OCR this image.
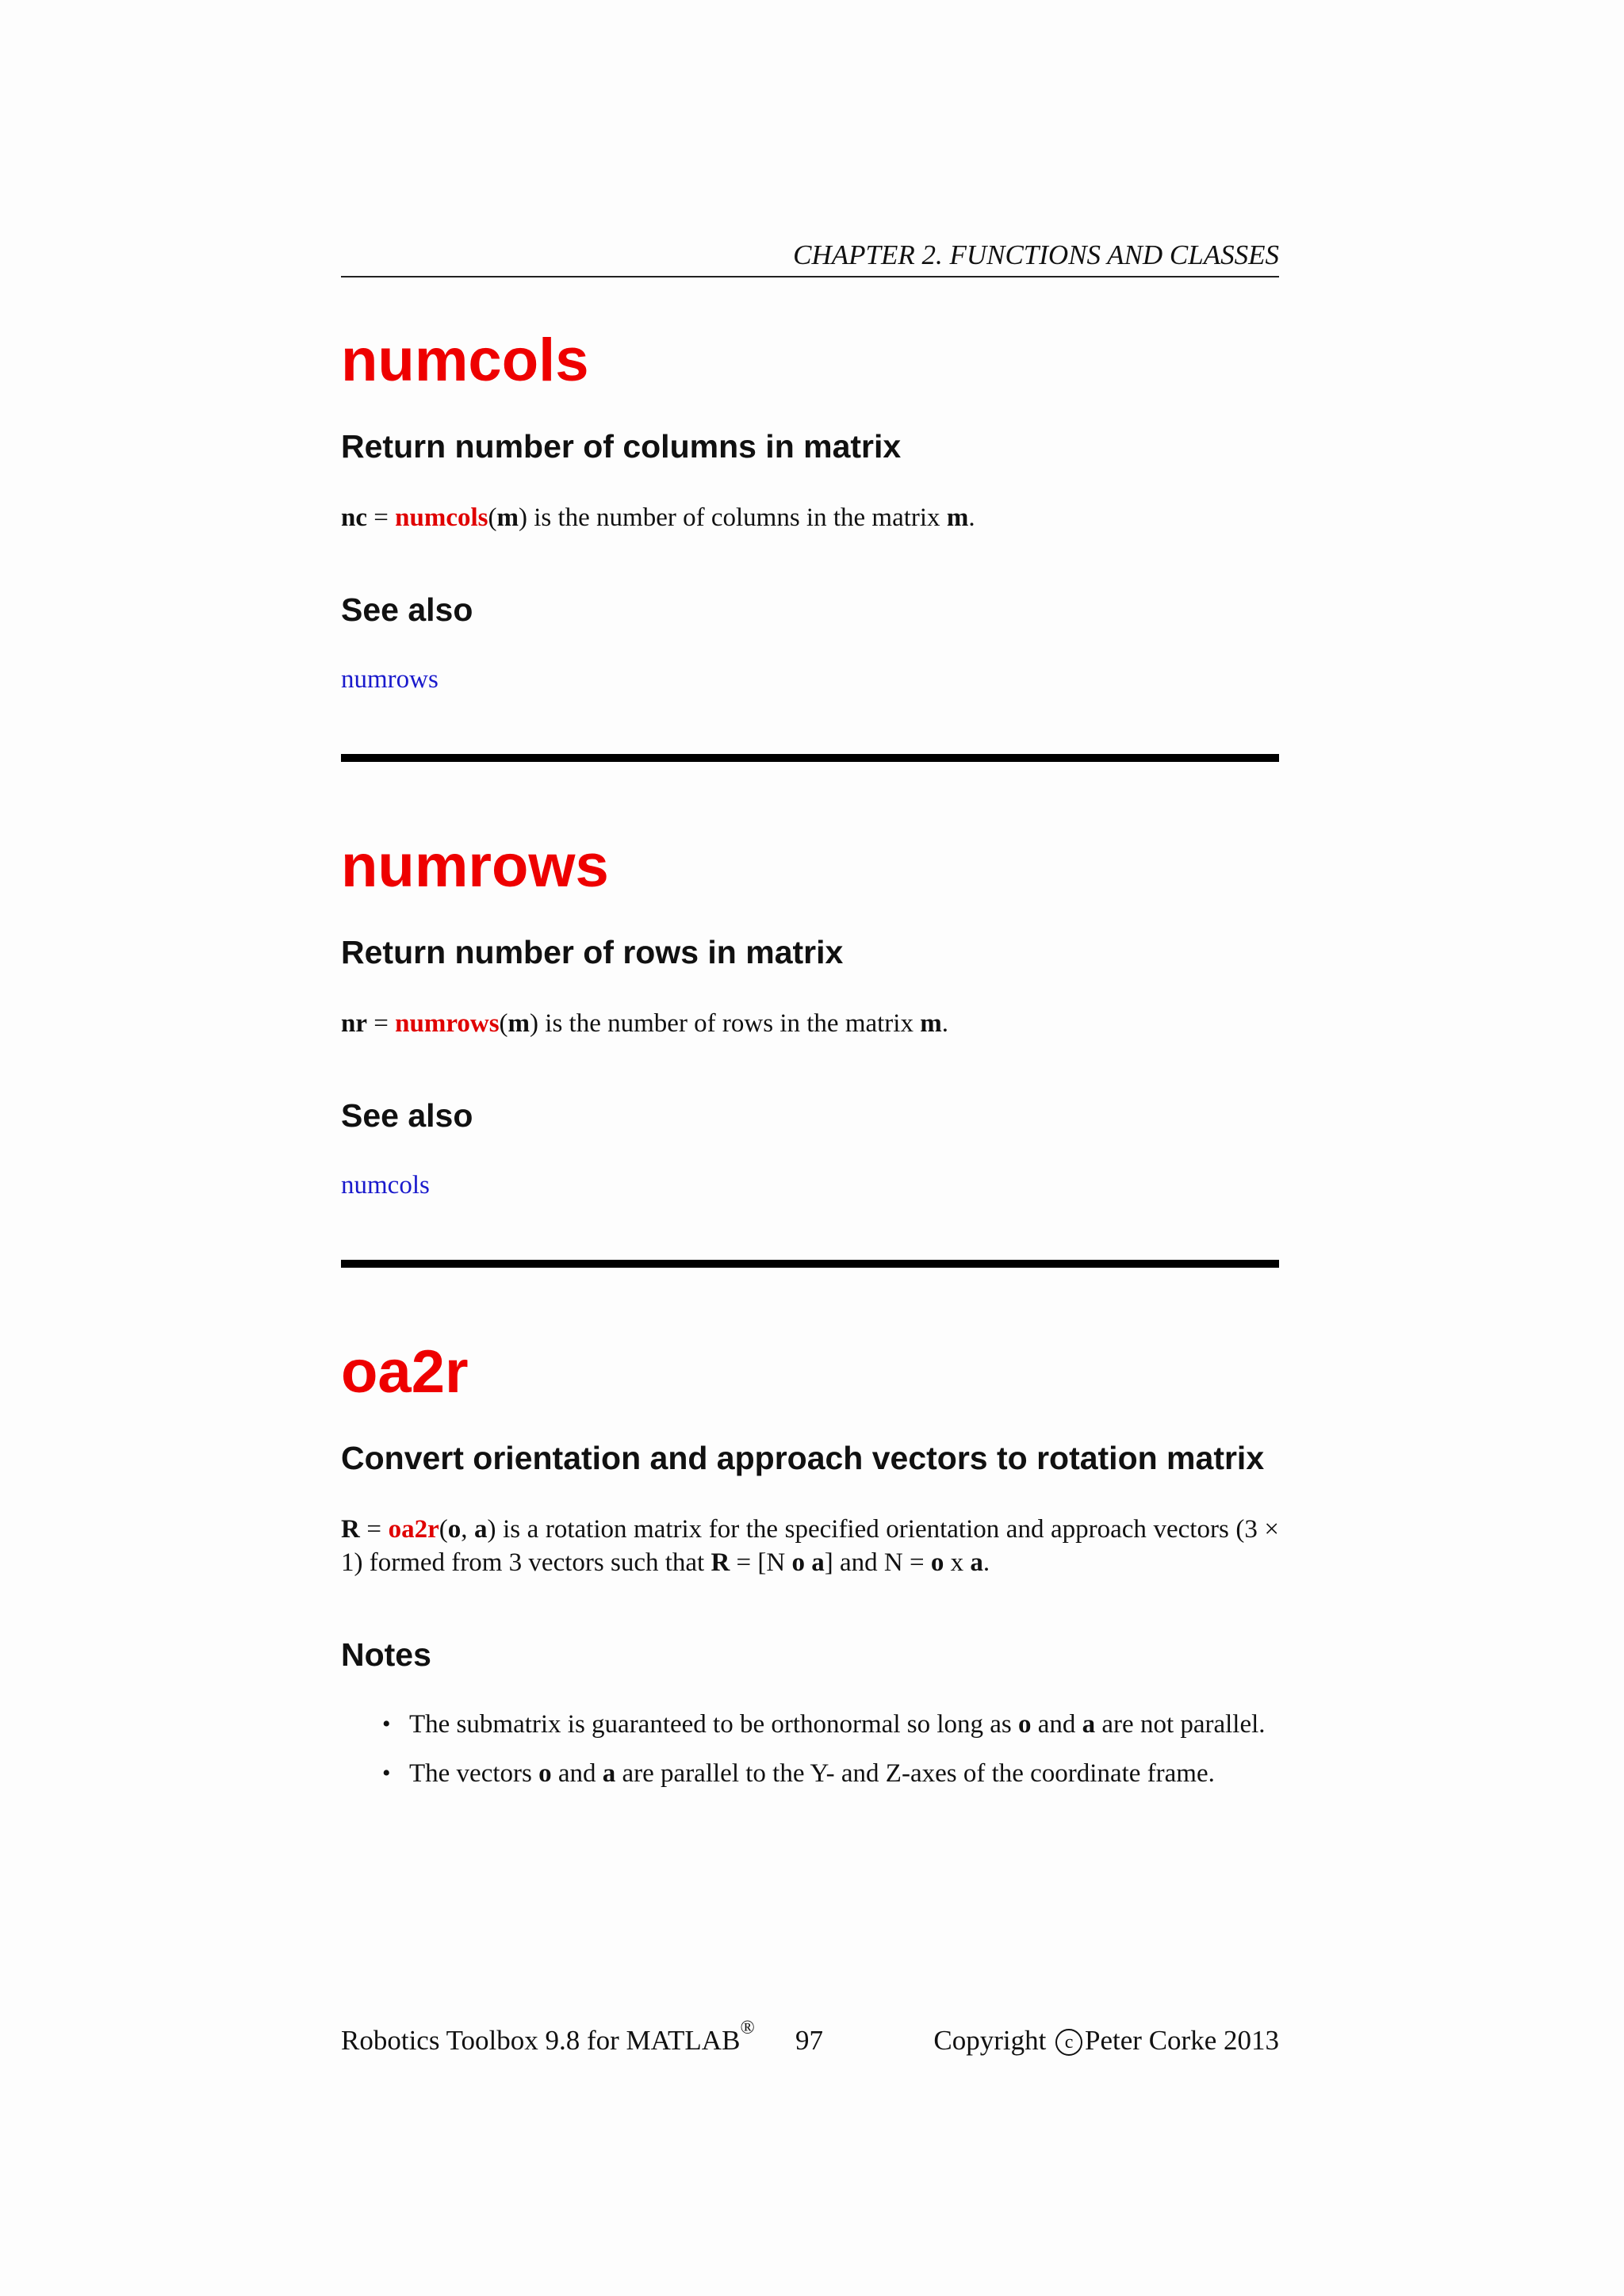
CHAPTER 2. FUNCTIONS AND CLASSES
numcols
Return number of columns in matrix

nc = numcols(m) is the number of columns in the matrix m.

See also

numrows

numrows
Return number of rows in matrix

nr = numrows(m) is the number of rows in the matrix m.

See also

numcols

oa2r
Convert orientation and approach vectors to rotation matrix

R = oa2r(o, a) is a rotation matrix for the specified orientation and approach vectors (3 × 1) formed from 3 vectors such that R = [N o a] and N = o x a.

Notes
• The submatrix is guaranteed to be orthonormal so long as o and a are not parallel.
• The vectors o and a are parallel to the Y- and Z-axes of the coordinate frame.
Robotics Toolbox 9.8 for MATLAB® 97	Copyright c Peter Corke 2013
